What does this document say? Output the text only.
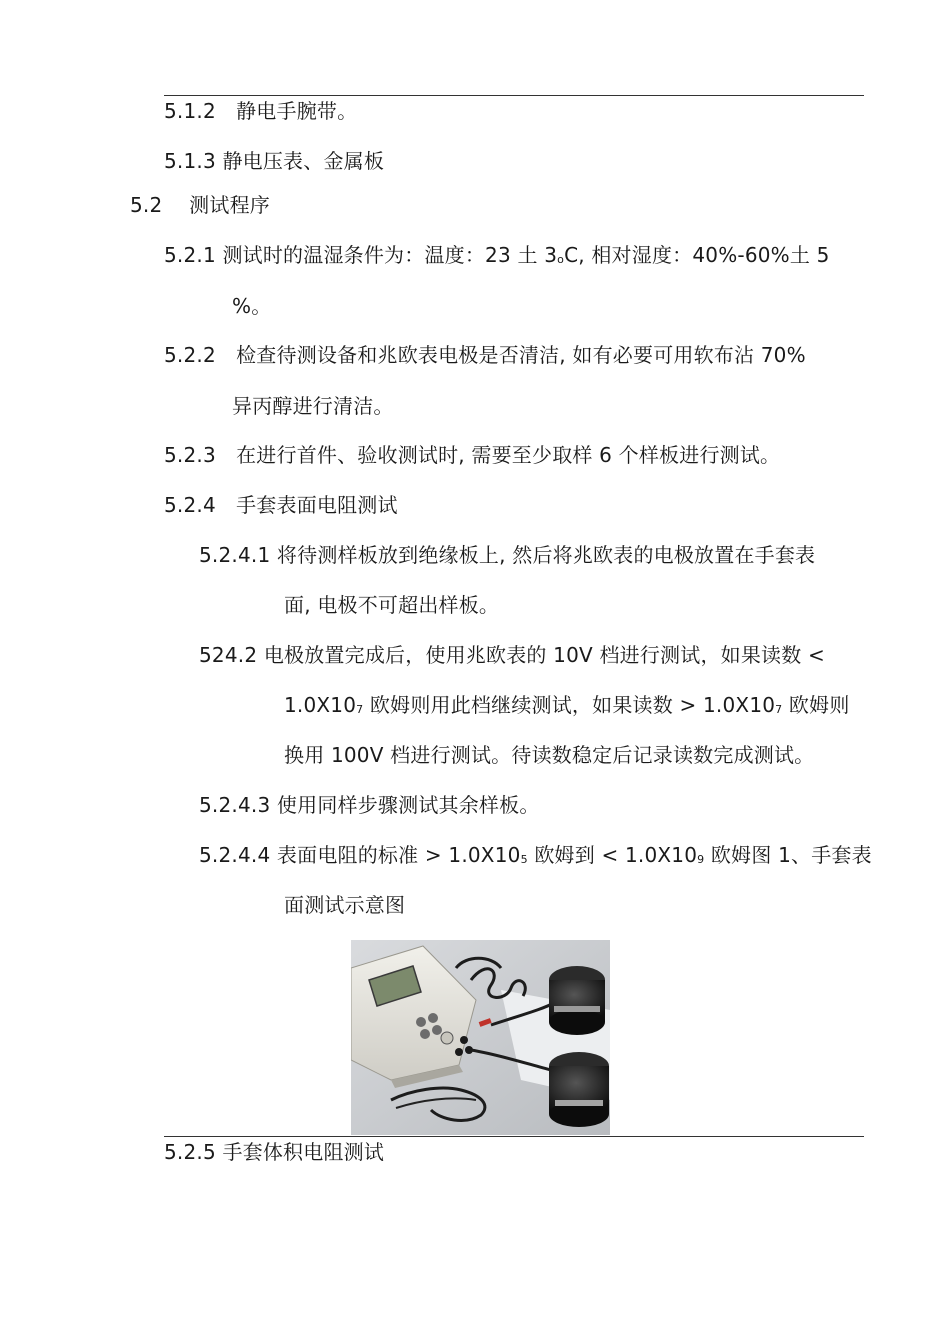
5.1.2　静电手腕带。
5.1.3 静电压表、金属板
5.2　 测试程序
5.2.1 测试时的温湿条件为：温度：23 土 $3_oC$, 相对湿度：40%-60%土 5
%。
5.2.2　检查待测设备和兆欧表电极是否清洁, 如有必要可用软布沾 70%
异丙醇进行清洁。
5.2.3　在进行首件、验收测试时, 需要至少取样 6 个样板进行测试。
5.2.4　手套表面电阻测试
5.2.4.1 将待测样板放到绝缘板上, 然后将兆欧表的电极放置在手套表
面, 电极不可超出样板。
524.2 电极放置完成后，使用兆欧表的 10V 档进行测试，如果读数 <
$1.0X10_7$ 欧姆则用此档继续测试，如果读数 > $1.0X10_7$ 欧姆则
换用 100V 档进行测试。待读数稳定后记录读数完成测试。
5.2.4.3 使用同样步骤测试其余样板。
5.2.4.4 表面电阻的标准 > $1.0X10_5$ 欧姆到 < $1.0X10_9$ 欧姆图 1、手套表
面测试示意图
5.2.5 手套体积电阻测试
